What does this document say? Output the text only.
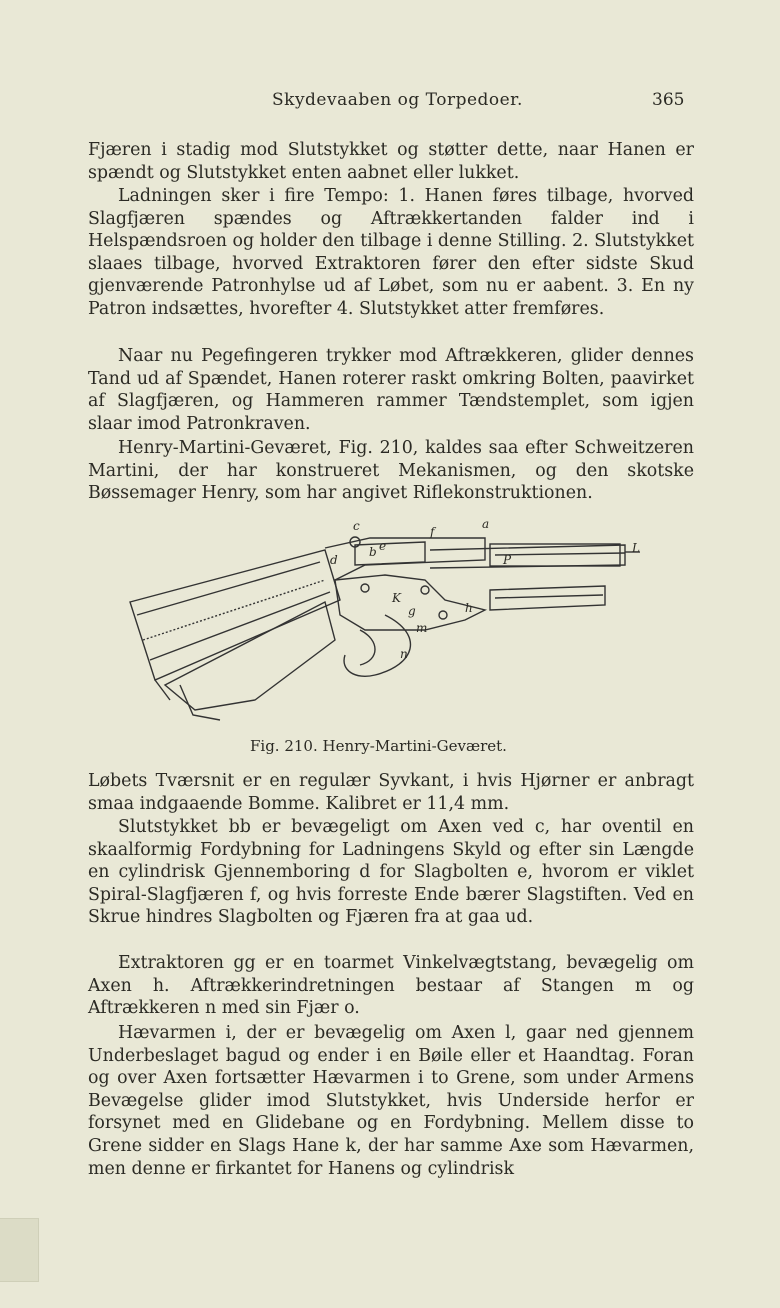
Skydevaaben og Torpedoer.	365

Fjæren i stadig mod Slutstykket og støtter dette, naar Hanen er spændt og Slutstykket enten aabnet eller lukket.

Ladningen sker i fire Tempo: 1. Hanen føres tilbage, hvorved Slagfjæren spændes og Aftrækkertanden falder ind i Helspændsroen og holder den tilbage i denne Stilling. 2. Slutstykket slaaes tilbage, hvorved Extraktoren fører den efter sidste Skud gjenværende Patronhylse ud af Løbet, som nu er aabent. 3. En ny Patron indsættes, hvorefter 4. Slutstykket atter fremføres.

Naar nu Pegefingeren trykker mod Aftrækkeren, glider dennes Tand ud af Spændet, Hanen roterer raskt omkring Bolten, paavirket af Slagfjæren, og Hammeren rammer Tændstemplet, som igjen slaar imod Patronkraven.

Henry-Martini-Geværet, Fig. 210, kaldes saa efter Schweitzeren Martini, der har konstrueret Mekanismen, og den skotske Bøssemager Henry, som har angivet Riflekonstruktionen.

c	f
a
L
b
d
e
P
K
g
n
m
h
Fig. 210. Henry-Martini-Geværet.

Løbets Tværsnit er en regulær Syvkant, i hvis Hjørner er anbragt smaa indgaaende Bomme. Kalibret er 11,4 mm.

Slutstykket bb er bevægeligt om Axen ved c, har oventil en skaalformig Fordybning for Ladningens Skyld og efter sin Længde en cylindrisk Gjennemboring d for Slagbolten e, hvorom er viklet Spiral-Slagfjæren f, og hvis forreste Ende bærer Slagstiften. Ved en Skrue hindres Slagbolten og Fjæren fra at gaa ud.

Extraktoren gg er en toarmet Vinkelvægtstang, bevægelig om Axen h. Aftrækkerindretningen bestaar af Stangen m og Aftrækkeren n med sin Fjær o.

Hævarmen i, der er bevægelig om Axen l, gaar ned gjennem Underbeslaget bagud og ender i en Bøile eller et Haandtag. Foran og over Axen fortsætter Hævarmen i to Grene, som under Armens Bevægelse glider imod Slutstykket, hvis Underside herfor er forsynet med en Glidebane og en Fordybning. Mellem disse to Grene sidder en Slags Hane k, der har samme Axe som Hævarmen, men denne er firkantet for Hanens og cylindrisk
